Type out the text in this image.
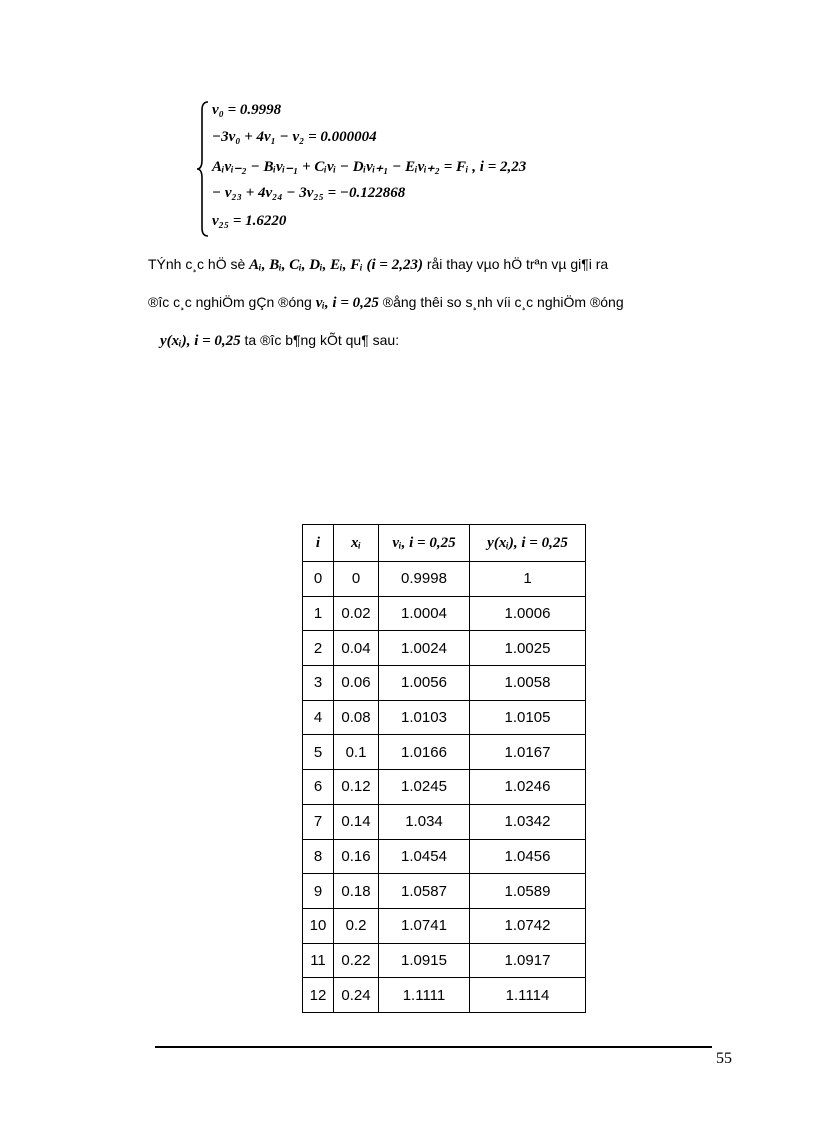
v₀ = 0.9998
−3v₀ + 4v₁ − v₂ = 0.000004
Aᵢvᵢ₋₂ − Bᵢvᵢ₋₁ + Cᵢvᵢ − Dᵢvᵢ₊₁ − Eᵢvᵢ₊₂ = Fᵢ , i = 2,23
− v₂₃ + 4v₂₄ − 3v₂₅ = −0.122868
v₂₅ = 1.6220
TÝnh c¸c hÖ sè Aᵢ, Bᵢ, Cᵢ, Dᵢ, Eᵢ, Fᵢ (i = 2,23) råi thay vµo hÖ trªn vµ gi¶i ra
®îc c¸c nghiÖm gÇn ®óng vᵢ, i = 0,25 ®ång thêi so s¸nh víi c¸c nghiÖm ®óng
y(xᵢ), i = 0,25 ta ®îc b¶ng kÕt qu¶ sau:
i	xᵢ	vᵢ, i = 0,25	y(xᵢ), i = 0,25
0	0	0.9998	1
1	0.02	1.0004	1.0006
2	0.04	1.0024	1.0025
3	0.06	1.0056	1.0058
4	0.08	1.0103	1.0105
5	0.1	1.0166	1.0167
6	0.12	1.0245	1.0246
7	0.14	1.034	1.0342
8	0.16	1.0454	1.0456
9	0.18	1.0587	1.0589
10	0.2	1.0741	1.0742
11	0.22	1.0915	1.0917
12	0.24	1.1111	1.1114
55
